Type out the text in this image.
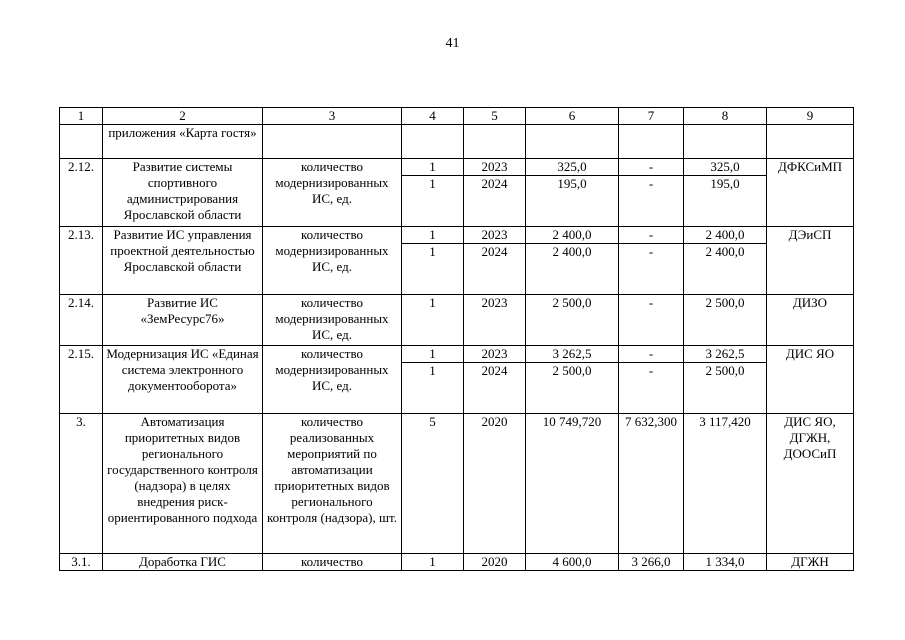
41
1	2	3	4	5	6	7	8	9
	приложения «Карта гостя»							
2.12.	Развитие системы спортивного администрирования Ярославской области	количество модернизированных ИС, ед.	1	2023	325,0	-	325,0	ДФКСиМП
			1	2024	195,0	-	195,0	
2.13.	Развитие ИС управления проектной деятельностью Ярославской области	количество модернизированных ИС, ед.	1	2023	2 400,0	-	2 400,0	ДЭиСП
			1	2024	2 400,0	-	2 400,0	
2.14.	Развитие ИС «ЗемРесурс76»	количество модернизированных ИС, ед.	1	2023	2 500,0	-	2 500,0	ДИЗО
2.15.	Модернизация ИС «Единая система электронного документооборота»	количество модернизированных ИС, ед.	1	2023	3 262,5	-	3 262,5	ДИС ЯО
			1	2024	2 500,0	-	2 500,0	
3.	Автоматизация приоритетных видов регионального государственного контроля (надзора) в целях внедрения риск-ориентированного подхода	количество реализованных мероприятий по автоматизации приоритетных видов регионального контроля (надзора), шт.	5	2020	10 749,720	7 632,300	3 117,420	ДИС ЯО, ДГЖН, ДООСиП
3.1.	Доработка ГИС	количество	1	2020	4 600,0	3 266,0	1 334,0	ДГЖН
